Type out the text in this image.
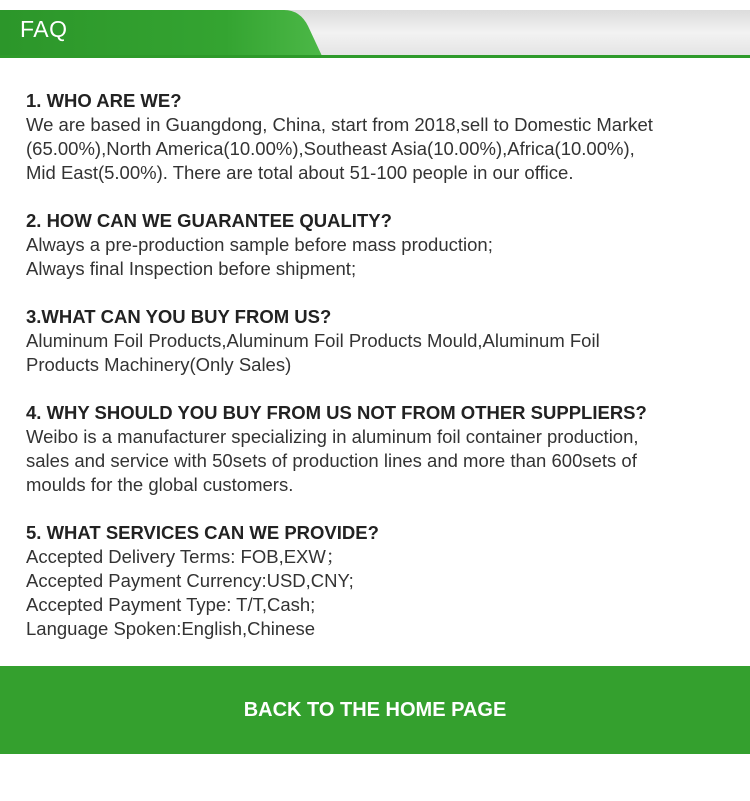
FAQ

1. WHO ARE WE?

We are based in Guangdong, China, start from 2018,sell to Domestic Market

(65.00%),North America(10.00%),Southeast Asia(10.00%),Africa(10.00%),

Mid East(5.00%). There are total about 51-100 people in our office.

2. HOW CAN WE GUARANTEE QUALITY?

Always a pre-production sample before mass production;

Always final Inspection before shipment;

3.WHAT CAN YOU BUY FROM US?

Aluminum Foil Products,Aluminum Foil Products Mould,Aluminum Foil

Products Machinery(Only Sales)

4. WHY SHOULD YOU BUY FROM US NOT FROM OTHER SUPPLIERS?

Weibo is a manufacturer specializing in aluminum foil container production,

sales and service with 50sets of production lines and more than 600sets of

moulds for the global customers.

5. WHAT SERVICES CAN WE PROVIDE?

Accepted Delivery Terms: FOB,EXW；

Accepted Payment Currency:USD,CNY;

Accepted Payment Type: T/T,Cash;

Language Spoken:English,Chinese

BACK TO THE HOME PAGE
